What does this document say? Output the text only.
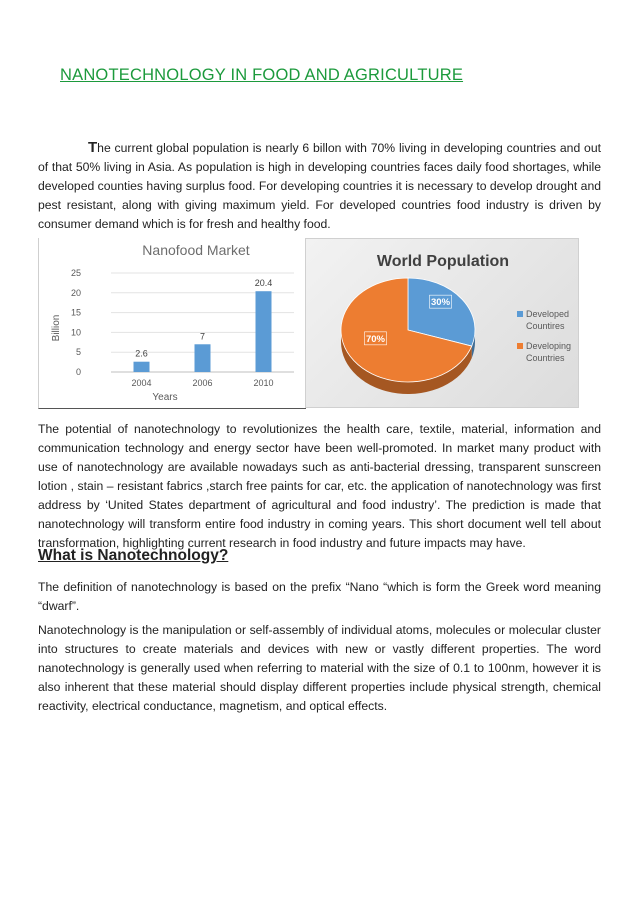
NANOTECHNOLOGY IN FOOD AND AGRICULTURE

The current global population is nearly 6 billon with 70% living in developing countries and out of that 50% living in Asia. As population is high in developing countries faces daily food shortages, while developed counties having surplus food. For developing countries it is necessary to develop drought and pest resistant, along with giving maximum yield. For developed countries food industry is driven by consumer demand which is for fresh and healthy food.

Nanofood Market
0
5
10
15
20
25
2.6
7
20.4
2004	2006	2010
Years
Billion
World Population
30%
70%
Developed Countires
Developing Countries

The potential of nanotechnology to revolutionizes the health care, textile, material, information and communication technology and energy sector have been well-promoted. In market many product with use of nanotechnology are available nowadays such as anti-bacterial dressing, transparent sunscreen lotion , stain – resistant fabrics ,starch free paints for car, etc. the application of nanotechnology was first address by ‘United States department of agricultural and food industry’. The prediction is made that nanotechnology will transform entire food industry in coming years. This short document well tell about transformation, highlighting current research in food industry and future impacts may have.

What is Nanotechnology?

The definition of nanotechnology is based on the prefix “Nano “which is form the Greek word meaning “dwarf”.

Nanotechnology is the manipulation or self-assembly of individual atoms, molecules or molecular cluster into structures to create materials and devices with new or vastly different properties. The word nanotechnology is generally used when referring to material with the size of 0.1 to 100nm, however it is also inherent that these material should display different properties include physical strength, chemical reactivity, electrical conductance, magnetism, and optical effects.
